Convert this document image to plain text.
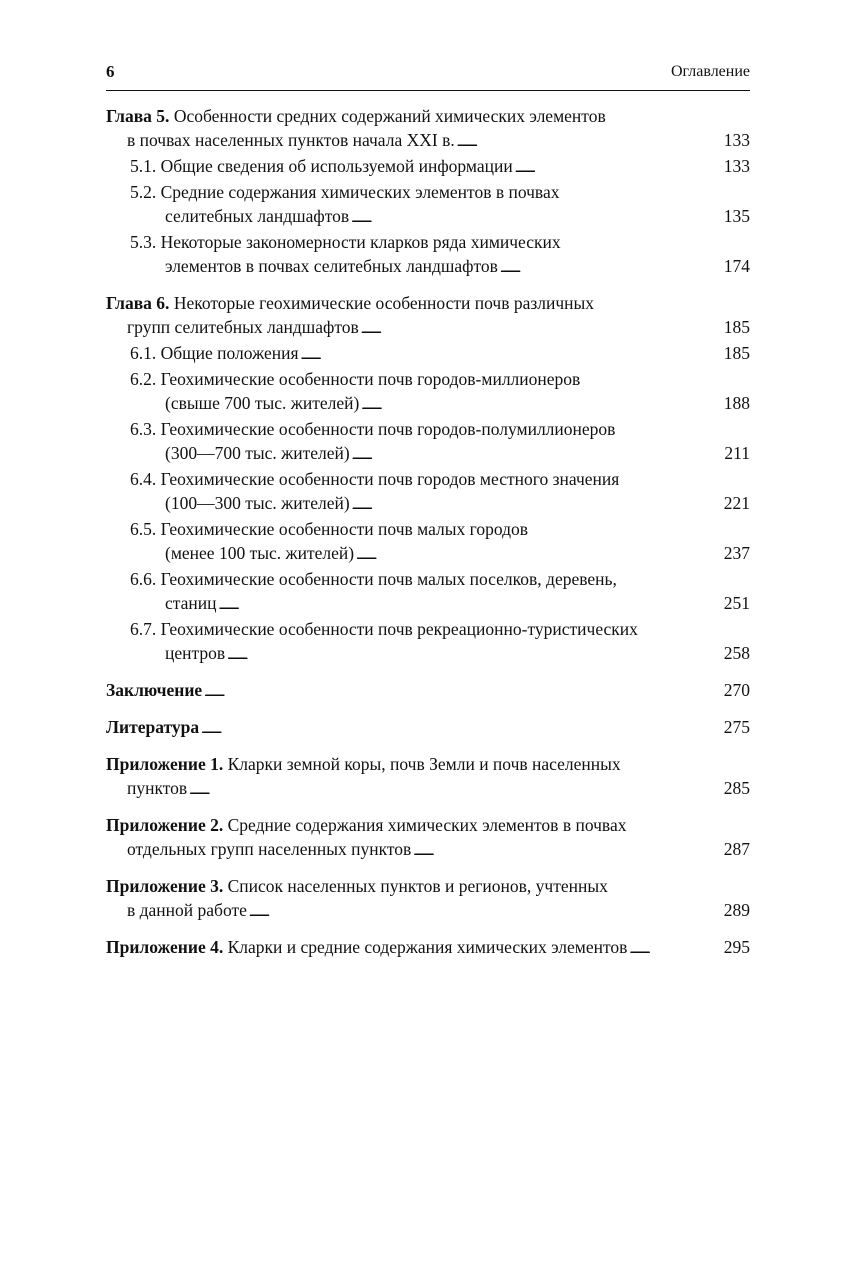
6	Оглавление
Глава 5. Особенности средних содержаний химических элементов
в почвах населенных пунктов начала XXI в. . . .	133
5.1. Общие сведения об используемой информации . . .	133
5.2. Средние содержания химических элементов в почвах
селитебных ландшафтов . . .	135
5.3. Некоторые закономерности кларков ряда химических
элементов в почвах селитебных ландшафтов . . .	174
Глава 6. Некоторые геохимические особенности почв различных
групп селитебных ландшафтов . . .	185
6.1. Общие положения . . .	185
6.2. Геохимические особенности почв городов-миллионеров
(свыше 700 тыс. жителей) . . .	188
6.3. Геохимические особенности почв городов-полумиллионеров
(300—700 тыс. жителей) . . .	211
6.4. Геохимические особенности почв городов местного значения
(100—300 тыс. жителей) . . .	221
6.5. Геохимические особенности почв малых городов
(менее 100 тыс. жителей) . . .	237
6.6. Геохимические особенности почв малых поселков, деревень,
станиц . . .	251
6.7. Геохимические особенности почв рекреационно-туристических
центров . . .	258
Заключение . . .	270
Литература . . .	275
Приложение 1. Кларки земной коры, почв Земли и почв населенных
пунктов . . .	285
Приложение 2. Средние содержания химических элементов в почвах
отдельных групп населенных пунктов . . .	287
Приложение 3. Список населенных пунктов и регионов, учтенных
в данной работе . . .	289
Приложение 4. Кларки и средние содержания химических элементов . . .	295
